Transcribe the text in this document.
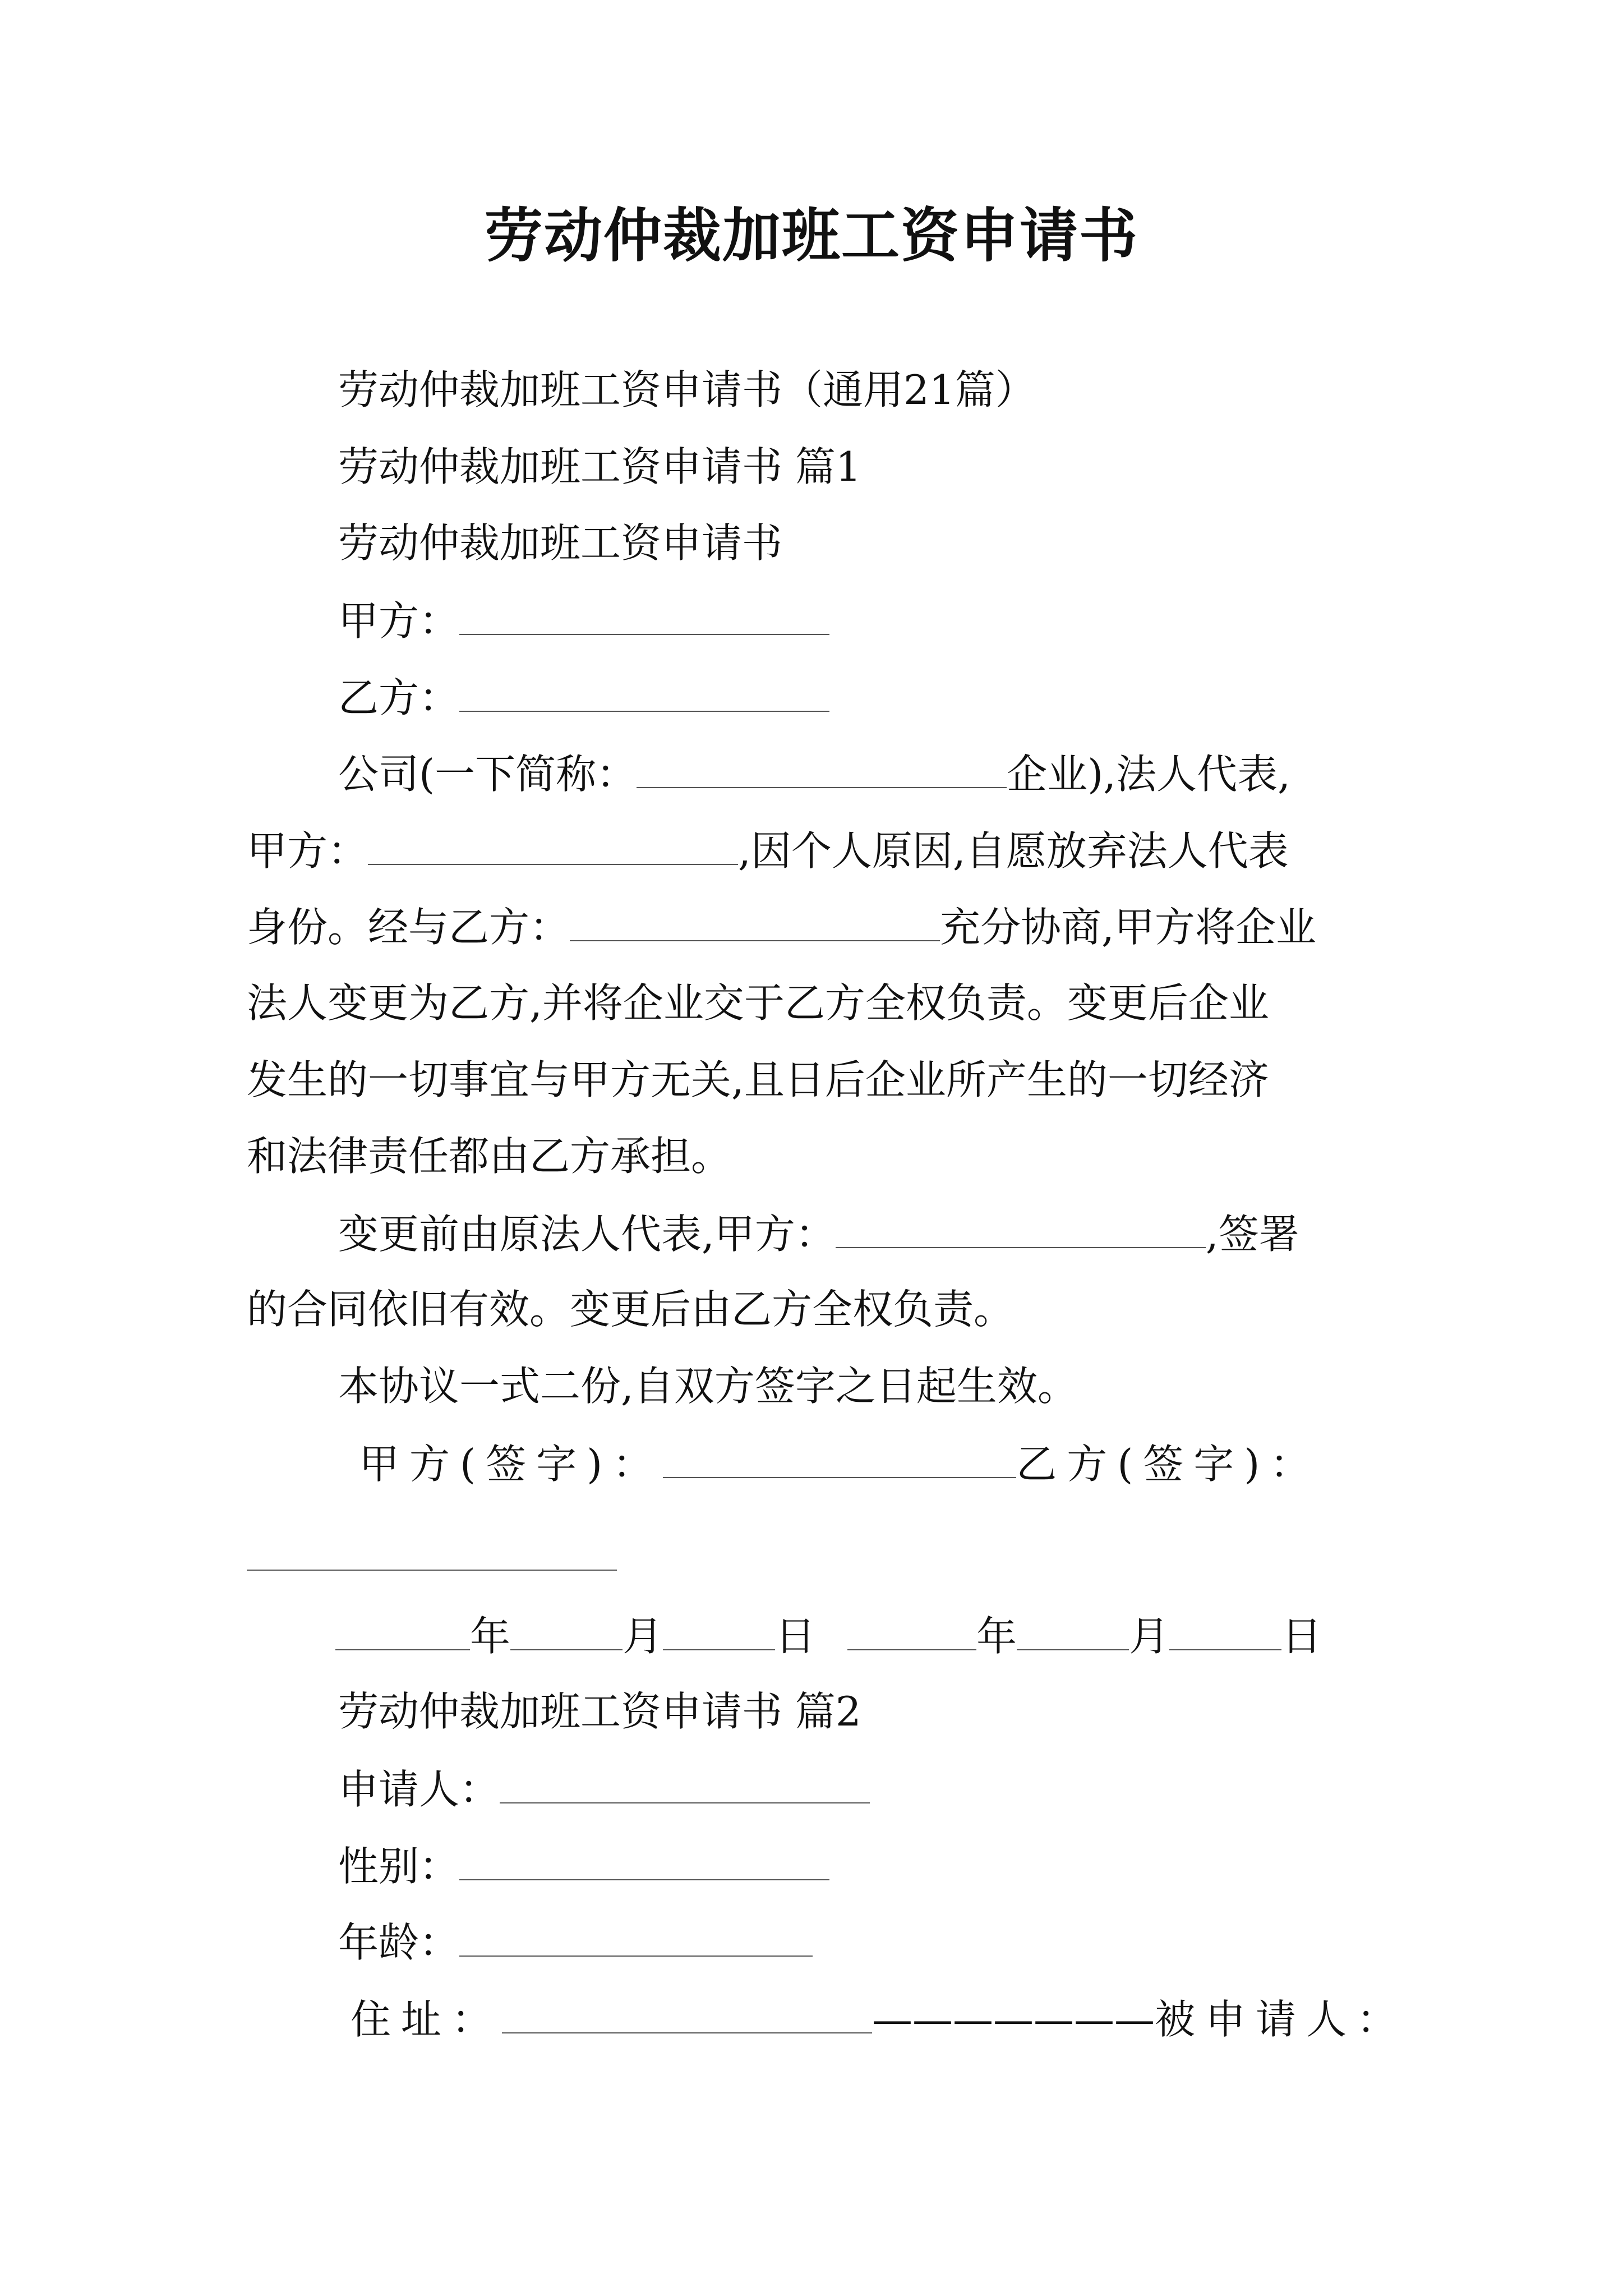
劳动仲裁加班工资申请书
劳动仲裁加班工资申请书（通用21篇）
劳动仲裁加班工资申请书 篇1
劳动仲裁加班工资申请书
甲方：
乙方：
公司(一下简称：	企业),法人代表,
甲方：	,因个人原因,自愿放弃法人代表
身份。经与乙方：	充分协商,甲方将企业
法人变更为乙方,并将企业交于乙方全权负责。变更后企业
发生的一切事宜与甲方无关,且日后企业所产生的一切经济
和法律责任都由乙方承担。
变更前由原法人代表,甲方：	,签署
的合同依旧有效。变更后由乙方全权负责。
本协议一式二份,自双方签字之日起生效。
甲方(签字)：	乙方(签字)：
年	月	日	年	月	日
劳动仲裁加班工资申请书 篇2
申请人：
性别：
年龄：
住址：	———————被申请人：
